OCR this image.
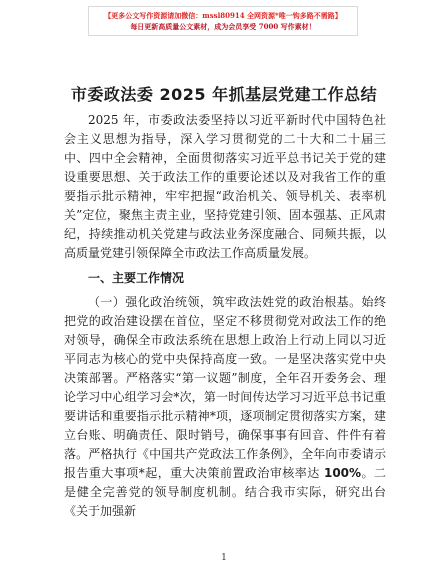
【更多公文写作资源请加微信：mssl80914 全网资源*唯一钩多路不需路】
每日更新高质量公文素材，成为会员享受 7000 写作素材！
市委政法委 2025 年抓基层党建工作总结

2025 年，市委政法委坚持以习近平新时代中国特色社会主义思想为指导，深入学习贯彻党的二十大和二十届三中、四中全会精神，全面贯彻落实习近平总书记关于党的建设重要思想、关于政法工作的重要论述以及对我省工作的重要指示批示精神，牢牢把握“政治机关、领导机关、表率机关”定位，聚焦主责主业，坚持党建引领、固本强基、正风肃纪，持续推动机关党建与政法业务深度融合、同频共振，以高质量党建引领保障全市政法工作高质量发展。

一、主要工作情况

（一）强化政治统领，筑牢政法姓党的政治根基。始终把党的政治建设摆在首位，坚定不移贯彻党对政法工作的绝对领导，确保全市政法系统在思想上政治上行动上同以习近平同志为核心的党中央保持高度一致。一是坚决落实党中央决策部署。严格落实“第一议题”制度，全年召开委务会、理论学习中心组学习会*次，第一时间传达学习习近平总书记重要讲话和重要指示批示精神*项，逐项制定贯彻落实方案，建立台账、明确责任、限时销号，确保事事有回音、件件有着落。严格执行《中国共产党政法工作条例》，全年向市委请示报告重大事项*起，重大决策前置政治审核率达 100%。二是健全完善党的领导制度机制。结合我市实际，研究出台《关于加强新

1
